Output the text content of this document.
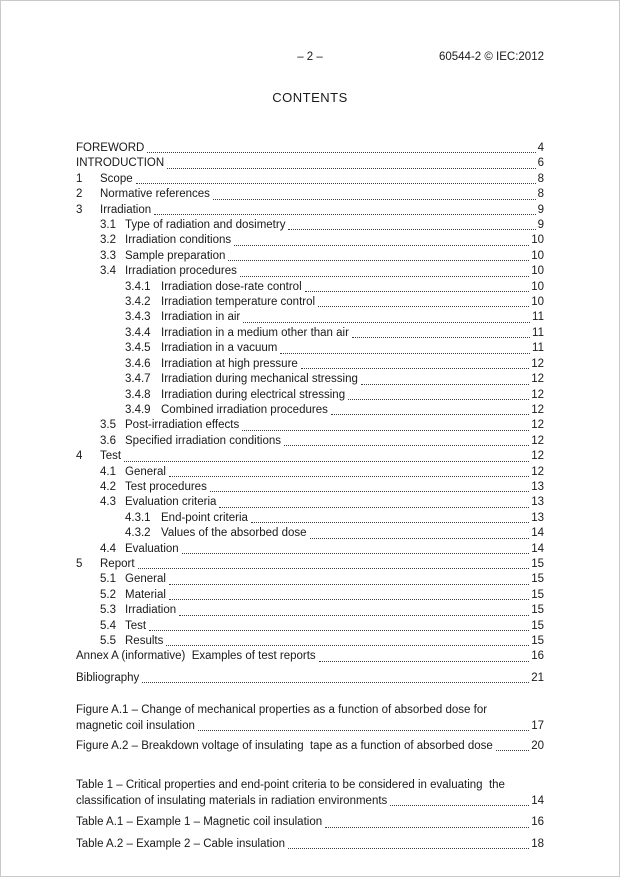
– 2 –	60544-2 © IEC:2012
CONTENTS
FOREWORD	4
INTRODUCTION	6
1	Scope	8
2	Normative references	8
3	Irradiation	9
3.1 Type of radiation and dosimetry	9
3.2 Irradiation conditions	10
3.3 Sample preparation	10
3.4 Irradiation procedures	10
3.4.1 Irradiation dose-rate control	10
3.4.2 Irradiation temperature control	10
3.4.3 Irradiation in air	11
3.4.4 Irradiation in a medium other than air	11
3.4.5 Irradiation in a vacuum	11
3.4.6 Irradiation at high pressure	12
3.4.7 Irradiation during mechanical stressing	12
3.4.8 Irradiation during electrical stressing	12
3.4.9 Combined irradiation procedures	12
3.5 Post-irradiation effects	12
3.6 Specified irradiation conditions	12
4	Test	12
4.1 General	12
4.2 Test procedures	13
4.3 Evaluation criteria	13
4.3.1 End-point criteria	13
4.3.2 Values of the absorbed dose	14
4.4 Evaluation	14
5	Report	15
5.1 General	15
5.2 Material	15
5.3 Irradiation	15
5.4 Test	15
5.5 Results	15
Annex A (informative)  Examples of test reports	16
Bibliography	21
Figure A.1 – Change of mechanical properties as a function of absorbed dose for
magnetic coil insulation	17
Figure A.2 – Breakdown voltage of insulating  tape as a function of absorbed dose	20
Table 1 – Critical properties and end-point criteria to be considered in evaluating  the
classification of insulating materials in radiation environments	14
Table A.1 – Example 1 – Magnetic coil insulation	16
Table A.2 – Example 2 – Cable insulation	18
